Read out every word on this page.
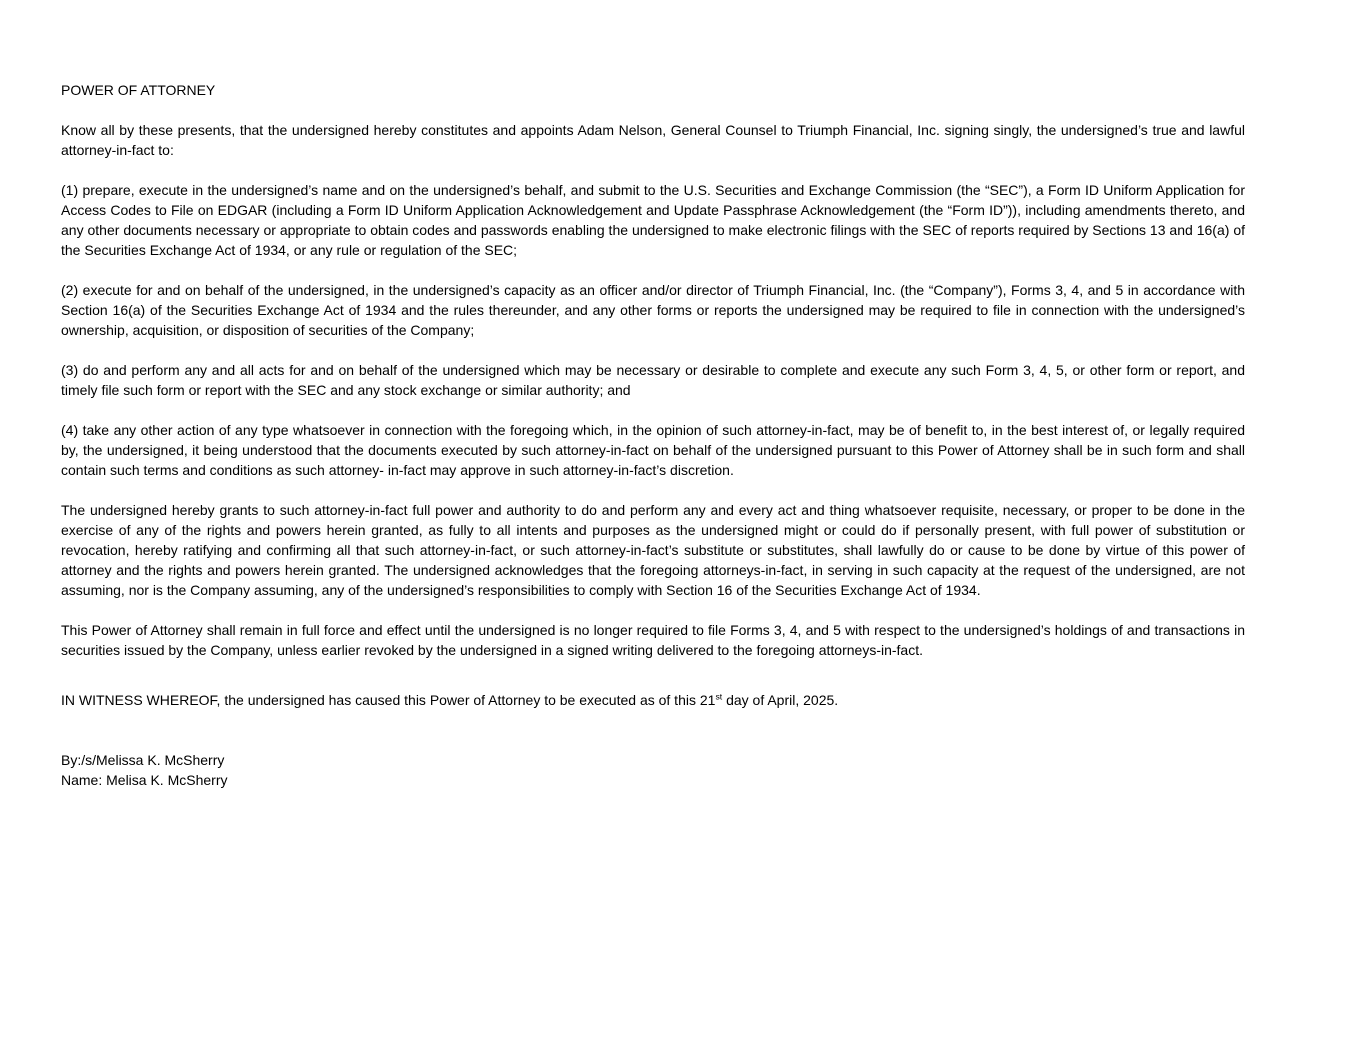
POWER OF ATTORNEY

Know all by these presents, that the undersigned hereby constitutes and appoints Adam Nelson, General Counsel to Triumph Financial, Inc. signing singly, the undersigned’s true and lawful attorney-in-fact to:

(1) prepare, execute in the undersigned’s name and on the undersigned’s behalf, and submit to the U.S. Securities and Exchange Commission (the “SEC”), a Form ID Uniform Application for Access Codes to File on EDGAR (including a Form ID Uniform Application Acknowledgement and Update Passphrase Acknowledgement (the “Form ID”)), including amendments thereto, and any other documents necessary or appropriate to obtain codes and passwords enabling the undersigned to make electronic filings with the SEC of reports required by Sections 13 and 16(a) of the Securities Exchange Act of 1934, or any rule or regulation of the SEC;

(2) execute for and on behalf of the undersigned, in the undersigned’s capacity as an officer and/or director of Triumph Financial, Inc. (the “Company”), Forms 3, 4, and 5 in accordance with Section 16(a) of the Securities Exchange Act of 1934 and the rules thereunder, and any other forms or reports the undersigned may be required to file in connection with the undersigned’s ownership, acquisition, or disposition of securities of the Company;

(3) do and perform any and all acts for and on behalf of the undersigned which may be necessary or desirable to complete and execute any such Form 3, 4, 5, or other form or report, and timely file such form or report with the SEC and any stock exchange or similar authority; and

(4) take any other action of any type whatsoever in connection with the foregoing which, in the opinion of such attorney-in-fact, may be of benefit to, in the best interest of, or legally required by, the undersigned, it being understood that the documents executed by such attorney-in-fact on behalf of the undersigned pursuant to this Power of Attorney shall be in such form and shall contain such terms and conditions as such attorney- in-fact may approve in such attorney-in-fact’s discretion.

The undersigned hereby grants to such attorney-in-fact full power and authority to do and perform any and every act and thing whatsoever requisite, necessary, or proper to be done in the exercise of any of the rights and powers herein granted, as fully to all intents and purposes as the undersigned might or could do if personally present, with full power of substitution or revocation, hereby ratifying and confirming all that such attorney-in-fact, or such attorney-in-fact’s substitute or substitutes, shall lawfully do or cause to be done by virtue of this power of attorney and the rights and powers herein granted. The undersigned acknowledges that the foregoing attorneys-in-fact, in serving in such capacity at the request of the undersigned, are not assuming, nor is the Company assuming, any of the undersigned’s responsibilities to comply with Section 16 of the Securities Exchange Act of 1934.

This Power of Attorney shall remain in full force and effect until the undersigned is no longer required to file Forms 3, 4, and 5 with respect to the undersigned’s holdings of and transactions in securities issued by the Company, unless earlier revoked by the undersigned in a signed writing delivered to the foregoing attorneys-in-fact.

IN WITNESS WHEREOF, the undersigned has caused this Power of Attorney to be executed as of this 21st day of April, 2025.

By:/s/Melissa K. McSherry

Name: Melisa K. McSherry
